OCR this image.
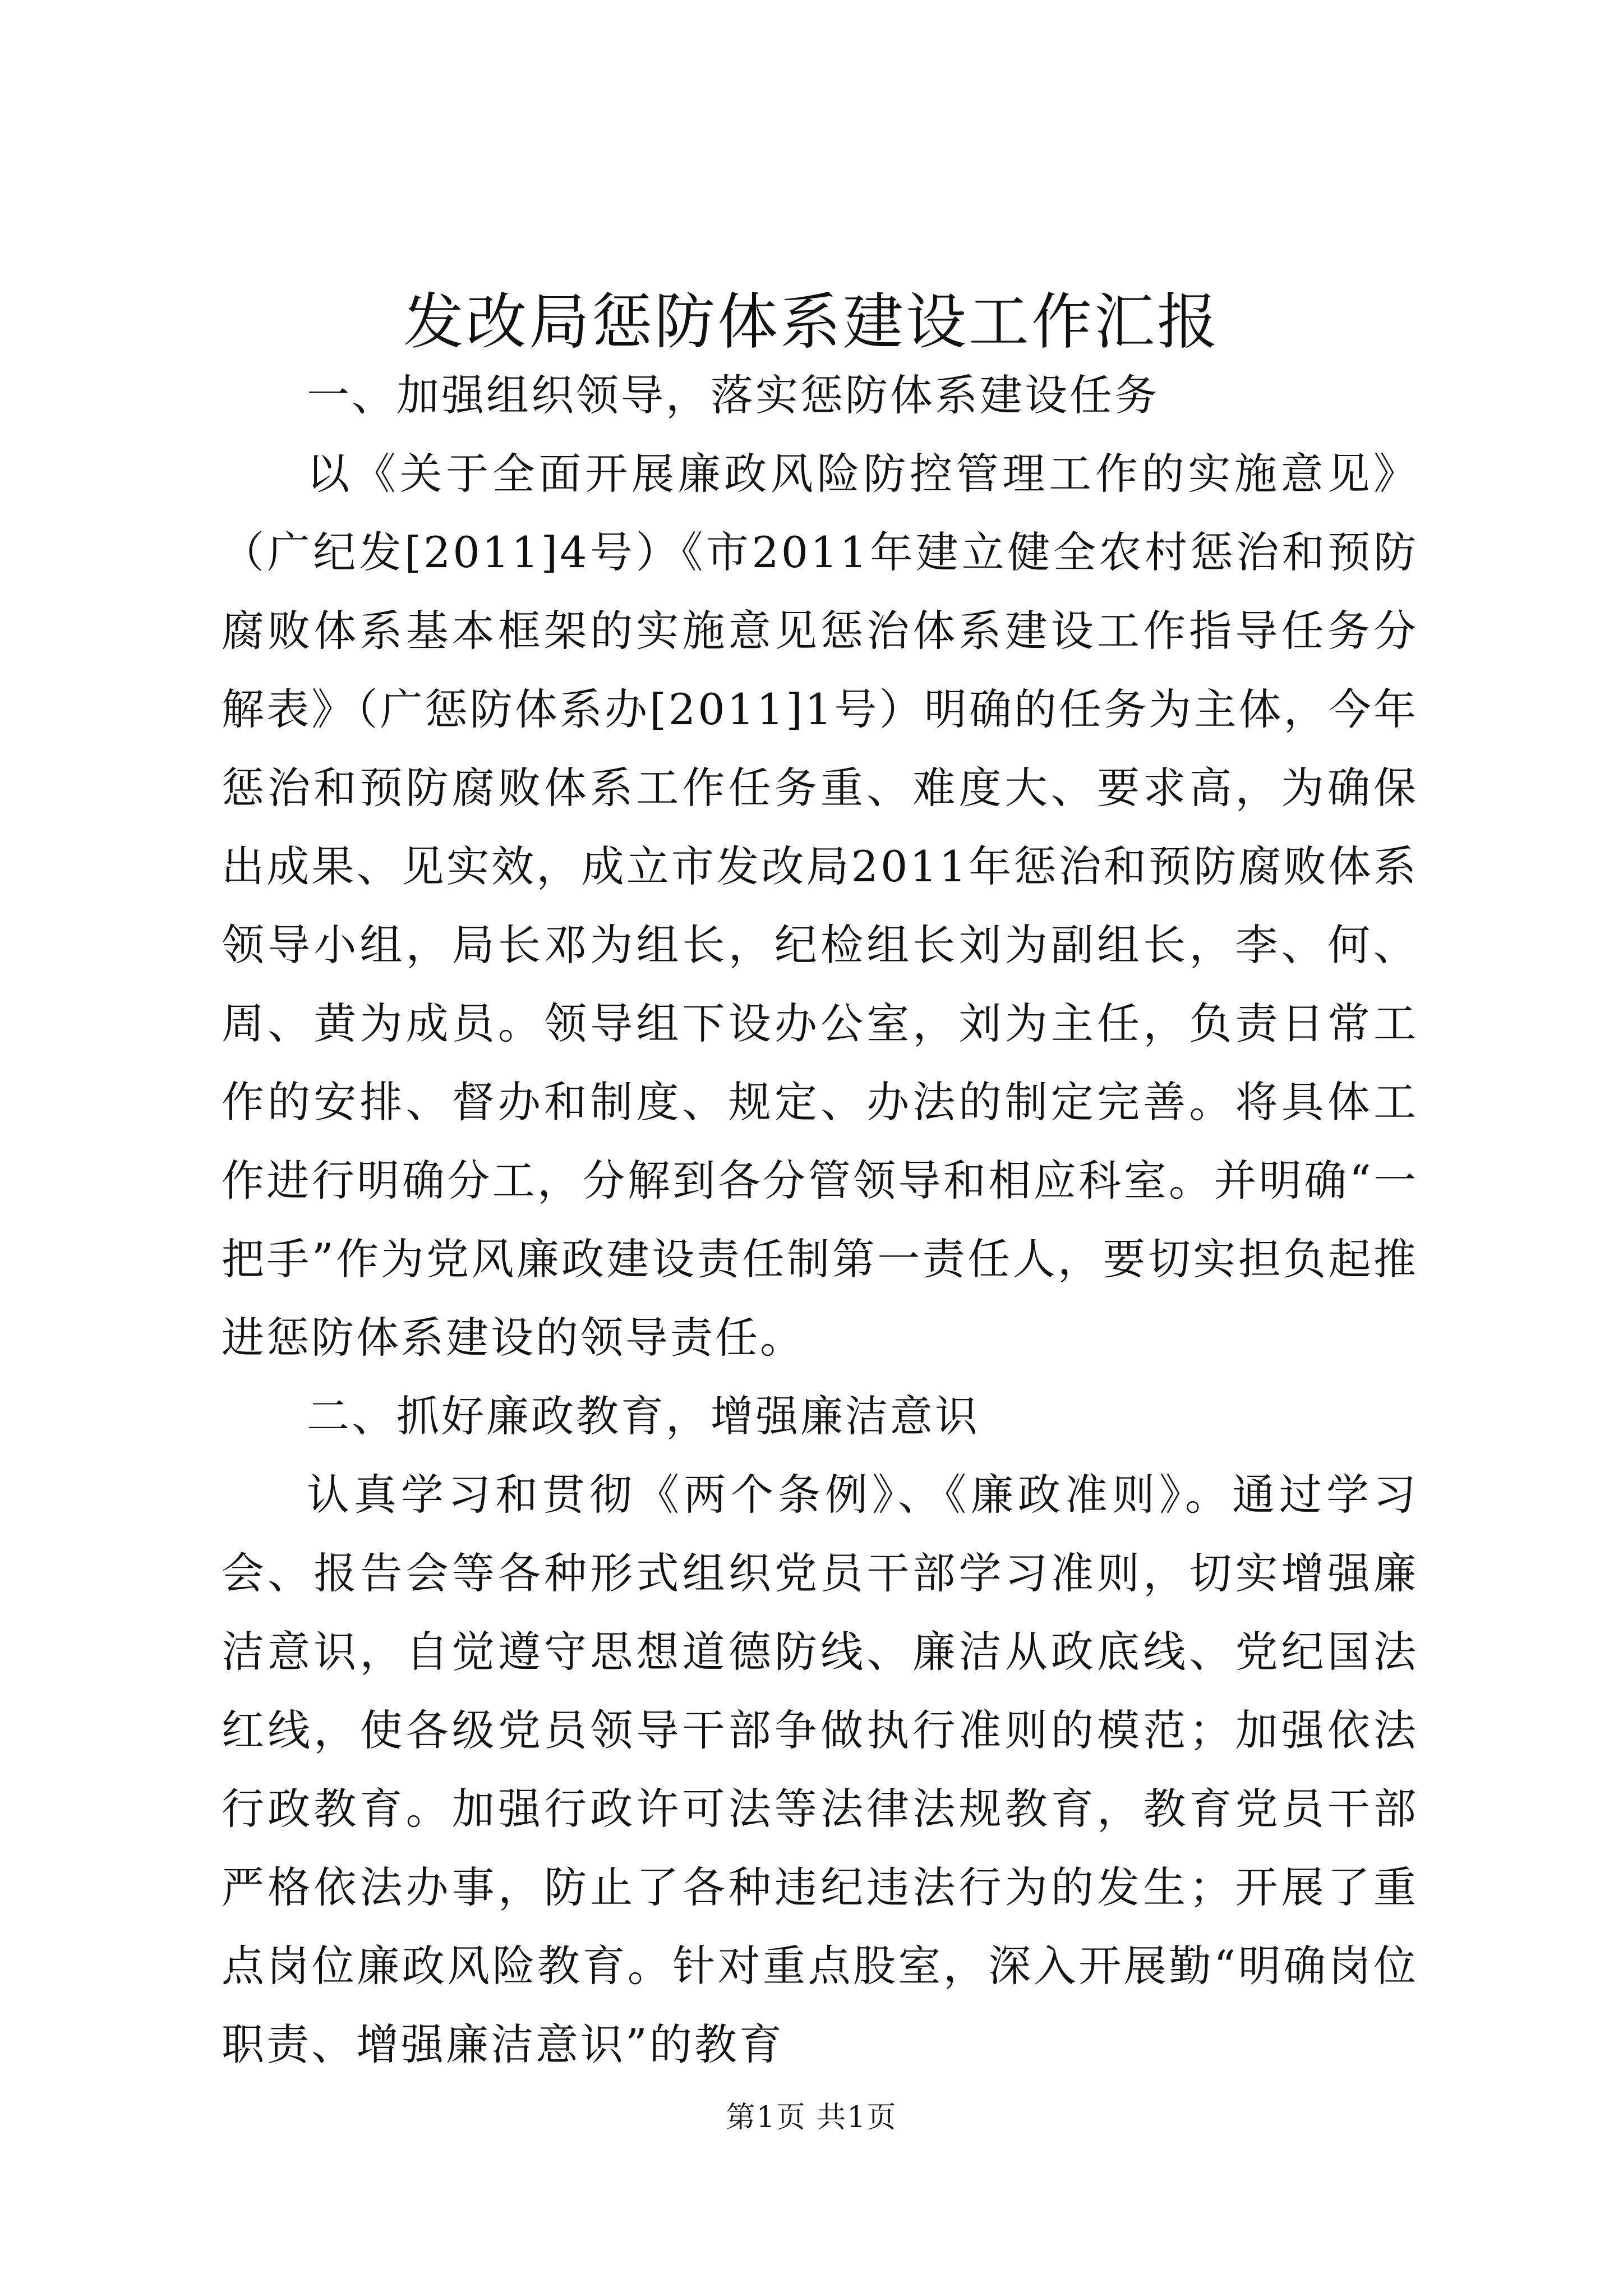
发改局惩防体系建设工作汇报

一、加强组织领导，落实惩防体系建设任务

以《关于全面开展廉政风险防控管理工作的实施意见》（广纪发[2011]4号）《市2011年建立健全农村惩治和预防腐败体系基本框架的实施意见惩治体系建设工作指导任务分解表》（广惩防体系办[2011]1号）明确的任务为主体，今年惩治和预防腐败体系工作任务重、难度大、要求高，为确保出成果、见实效，成立市发改局2011年惩治和预防腐败体系领导小组，局长邓为组长，纪检组长刘为副组长，李、何、周、黄为成员。领导组下设办公室，刘为主任，负责日常工作的安排、督办和制度、规定、办法的制定完善。将具体工作进行明确分工，分解到各分管领导和相应科室。并明确“一把手”作为党风廉政建设责任制第一责任人，要切实担负起推进惩防体系建设的领导责任。

二、抓好廉政教育，增强廉洁意识

认真学习和贯彻《两个条例》、《廉政准则》。通过学习会、报告会等各种形式组织党员干部学习准则，切实增强廉洁意识，自觉遵守思想道德防线、廉洁从政底线、党纪国法红线，使各级党员领导干部争做执行准则的模范；加强依法行政教育。加强行政许可法等法律法规教育，教育党员干部严格依法办事，防止了各种违纪违法行为的发生；开展了重点岗位廉政风险教育。针对重点股室，深入开展勤“明确岗位职责、增强廉洁意识”的教育

第1页 共1页
